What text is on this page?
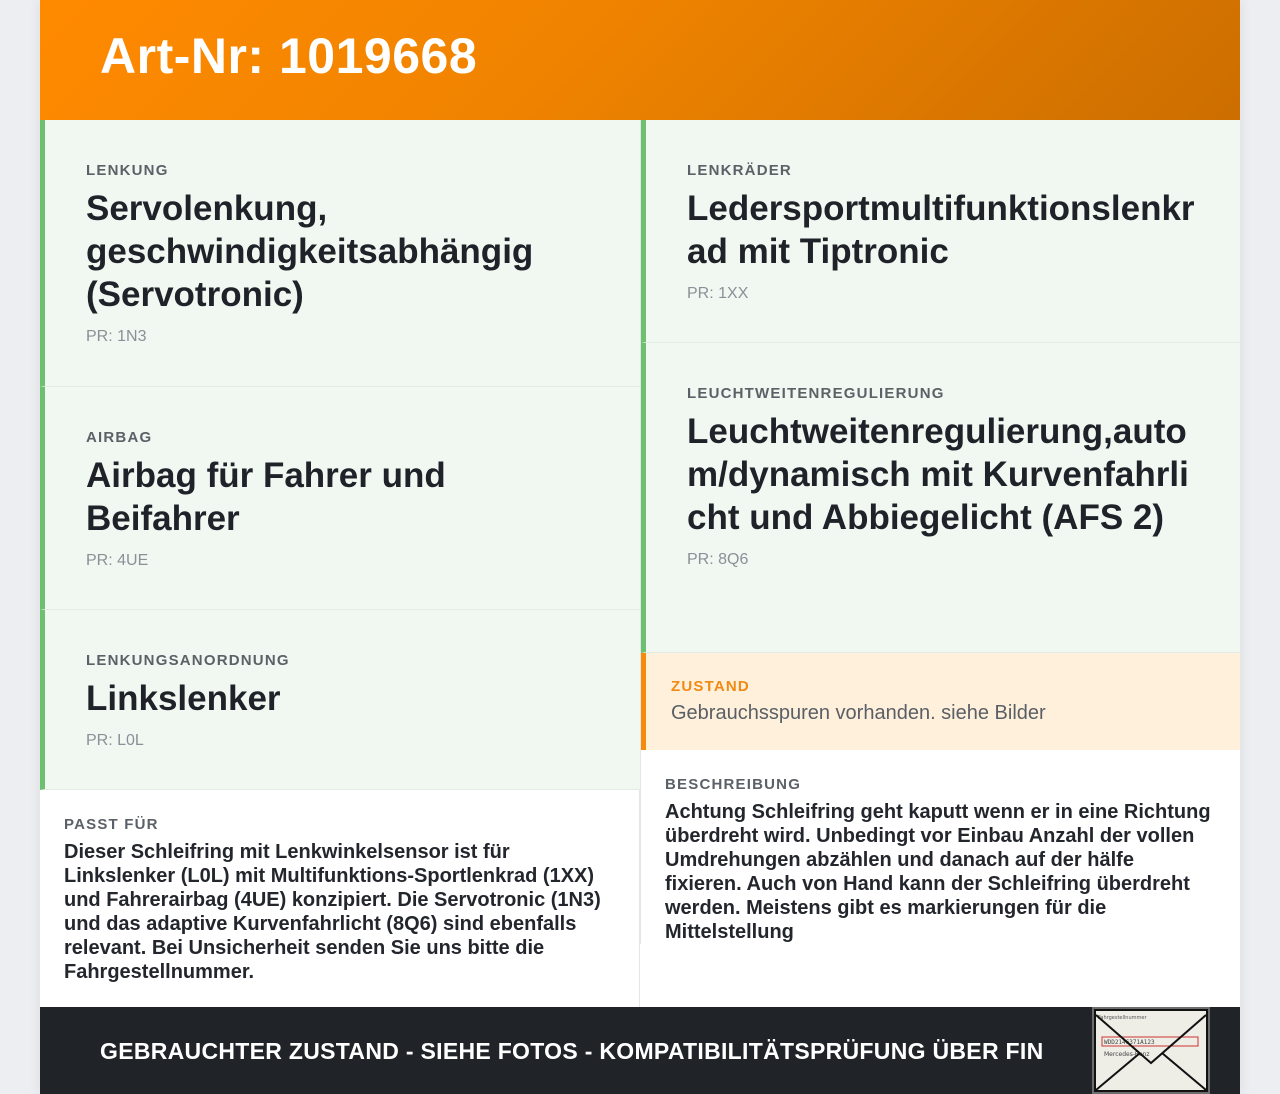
Art-Nr: 1019668
LENKUNG
Servolenkung, geschwindigkeitsabhängig (Servotronic)
PR: 1N3
AIRBAG
Airbag für Fahrer und Beifahrer
PR: 4UE
LENKUNGSANORDNUNG
Linkslenker
PR: L0L
PASST FÜR
Dieser Schleifring mit Lenkwinkelsensor ist für Linkslenker (L0L) mit Multifunktions-Sportlenkrad (1XX) und Fahrerairbag (4UE) konzipiert. Die Servotronic (1N3) und das adaptive Kurvenfahrlicht (8Q6) sind ebenfalls relevant. Bei Unsicherheit senden Sie uns bitte die Fahrgestellnummer.
LENKRÄDER
Ledersportmultifunktionslenkrad mit Tiptronic
PR: 1XX
LEUCHTWEITENREGULIERUNG
Leuchtweitenregulierung,autom/dynamisch mit Kurvenfahrlicht und Abbiegelicht (AFS 2)
PR: 8Q6
ZUSTAND
Gebrauchsspuren vorhanden. siehe Bilder
BESCHREIBUNG
Achtung Schleifring geht kaputt wenn er in eine Richtung überdreht wird. Unbedingt vor Einbau Anzahl der vollen Umdrehungen abzählen und danach auf der hälfe fixieren. Auch von Hand kann der Schleifring überdreht werden. Meistens gibt es markierungen für die Mittelstellung
GEBRAUCHTER ZUSTAND - SIEHE FOTOS - KOMPATIBILITÄTSPRÜFUNG ÜBER FIN
Fahrgestellnummer
WDD2146371A123
Mercedes-Benz
